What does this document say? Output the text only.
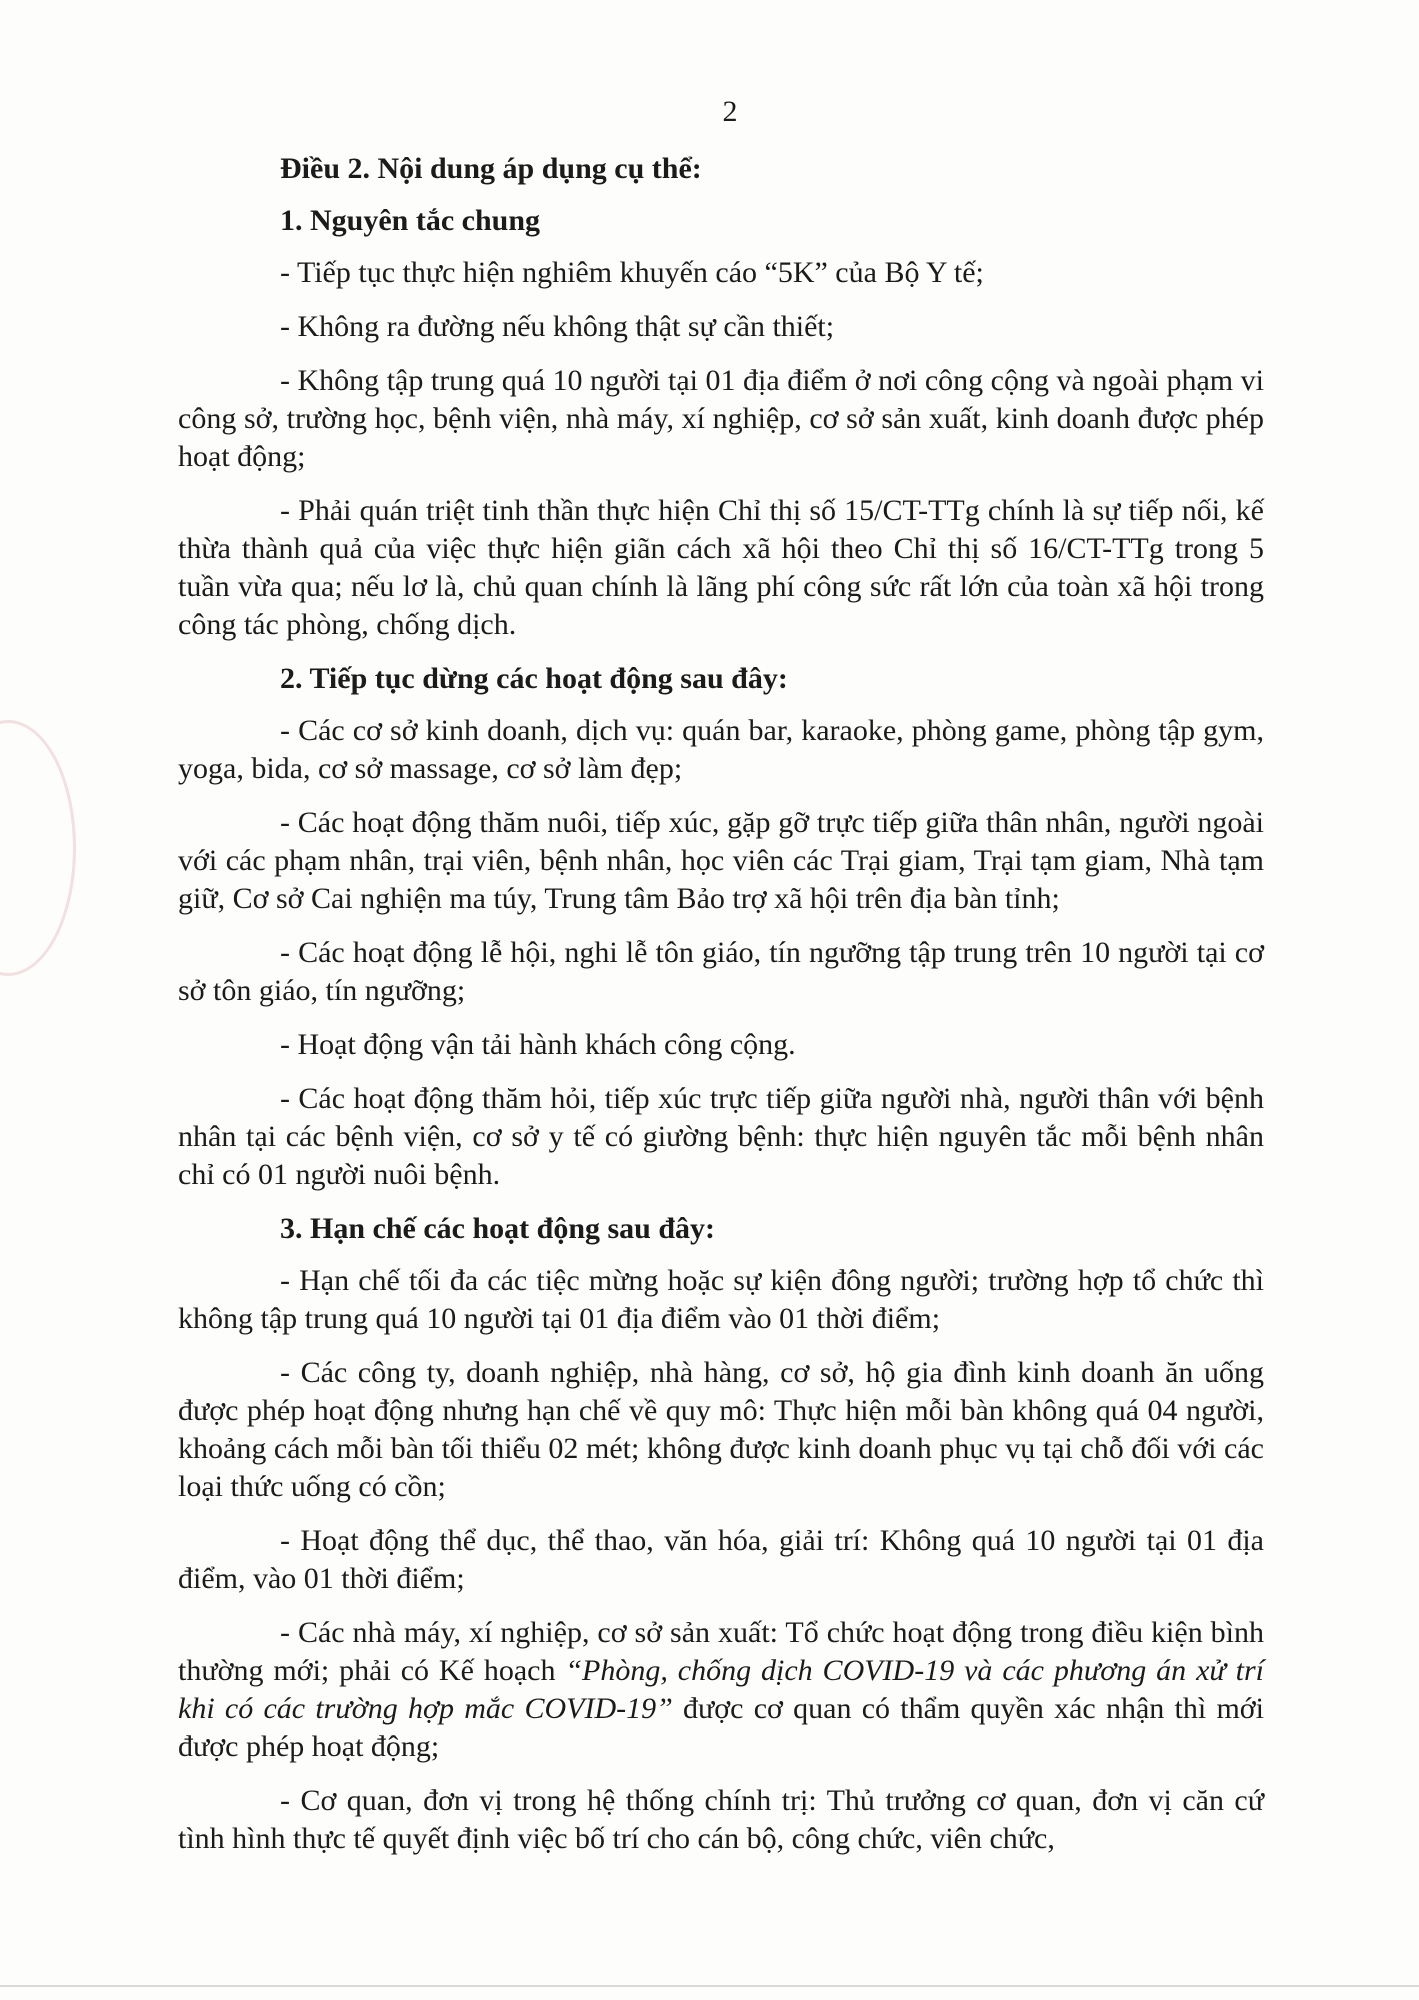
2

Điều 2. Nội dung áp dụng cụ thể:

1. Nguyên tắc chung

- Tiếp tục thực hiện nghiêm khuyến cáo “5K” của Bộ Y tế;

- Không ra đường nếu không thật sự cần thiết;

- Không tập trung quá 10 người tại 01 địa điểm ở nơi công cộng và ngoài phạm vi công sở, trường học, bệnh viện, nhà máy, xí nghiệp, cơ sở sản xuất, kinh doanh được phép hoạt động;

- Phải quán triệt tinh thần thực hiện Chỉ thị số 15/CT-TTg chính là sự tiếp nối, kế thừa thành quả của việc thực hiện giãn cách xã hội theo Chỉ thị số 16/CT-TTg trong 5 tuần vừa qua; nếu lơ là, chủ quan chính là lãng phí công sức rất lớn của toàn xã hội trong công tác phòng, chống dịch.

2. Tiếp tục dừng các hoạt động sau đây:

- Các cơ sở kinh doanh, dịch vụ: quán bar, karaoke, phòng game, phòng tập gym, yoga, bida, cơ sở massage, cơ sở làm đẹp;

- Các hoạt động thăm nuôi, tiếp xúc, gặp gỡ trực tiếp giữa thân nhân, người ngoài với các phạm nhân, trại viên, bệnh nhân, học viên các Trại giam, Trại tạm giam, Nhà tạm giữ, Cơ sở Cai nghiện ma túy, Trung tâm Bảo trợ xã hội trên địa bàn tỉnh;

- Các hoạt động lễ hội, nghi lễ tôn giáo, tín ngưỡng tập trung trên 10 người tại cơ sở tôn giáo, tín ngưỡng;

- Hoạt động vận tải hành khách công cộng.

- Các hoạt động thăm hỏi, tiếp xúc trực tiếp giữa người nhà, người thân với bệnh nhân tại các bệnh viện, cơ sở y tế có giường bệnh: thực hiện nguyên tắc mỗi bệnh nhân chỉ có 01 người nuôi bệnh.

3. Hạn chế các hoạt động sau đây:

- Hạn chế tối đa các tiệc mừng hoặc sự kiện đông người; trường hợp tổ chức thì không tập trung quá 10 người tại 01 địa điểm vào 01 thời điểm;

- Các công ty, doanh nghiệp, nhà hàng, cơ sở, hộ gia đình kinh doanh ăn uống được phép hoạt động nhưng hạn chế về quy mô: Thực hiện mỗi bàn không quá 04 người, khoảng cách mỗi bàn tối thiểu 02 mét; không được kinh doanh phục vụ tại chỗ đối với các loại thức uống có cồn;

- Hoạt động thể dục, thể thao, văn hóa, giải trí: Không quá 10 người tại 01 địa điểm, vào 01 thời điểm;

- Các nhà máy, xí nghiệp, cơ sở sản xuất: Tổ chức hoạt động trong điều kiện bình thường mới; phải có Kế hoạch “Phòng, chống dịch COVID-19 và các phương án xử trí khi có các trường hợp mắc COVID-19” được cơ quan có thẩm quyền xác nhận thì mới được phép hoạt động;

- Cơ quan, đơn vị trong hệ thống chính trị: Thủ trưởng cơ quan, đơn vị căn cứ tình hình thực tế quyết định việc bố trí cho cán bộ, công chức, viên chức,
